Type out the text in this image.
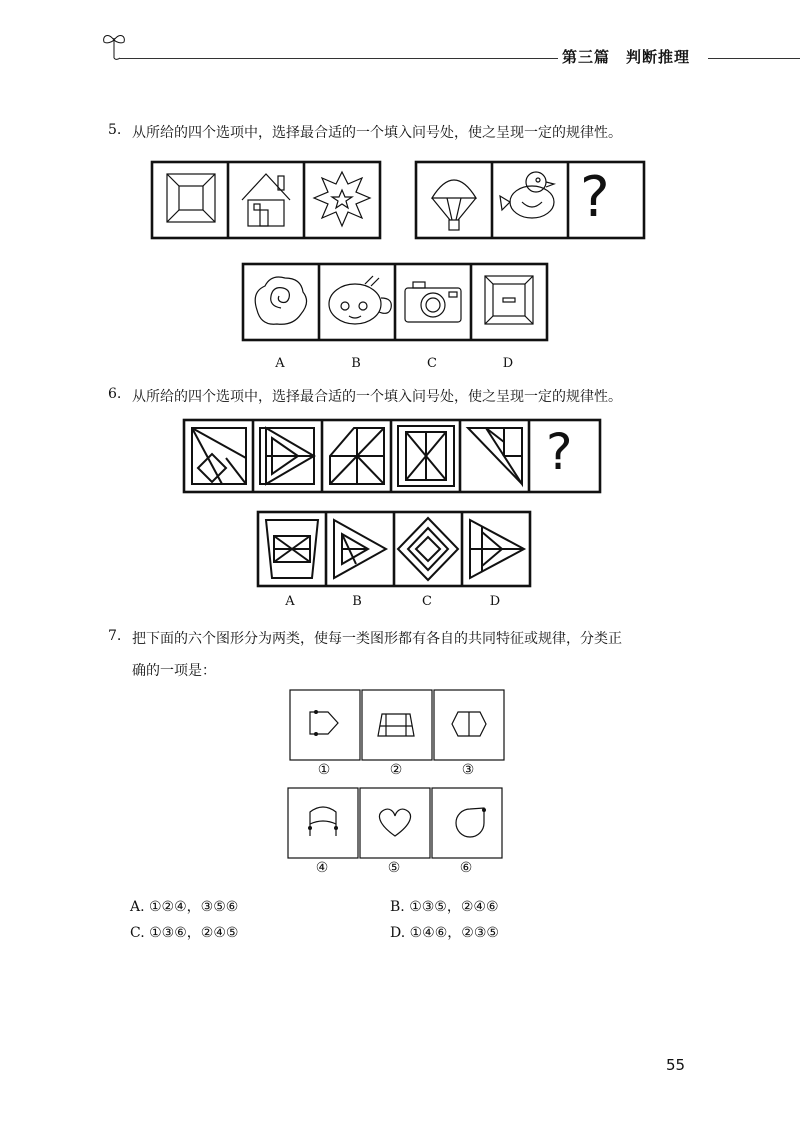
第三篇　判断推理
5. 从所给的四个选项中，选择最合适的一个填入问号处，使之呈现一定的规律性。
?
A	B	C	D
6. 从所给的四个选项中，选择最合适的一个填入问号处，使之呈现一定的规律性。
?
A	B	C	D
7. 把下面的六个图形分为两类，使每一类图形都有各自的共同特征或规律，分类正
确的一项是：
①	②	③
④	⑤	⑥
A. ①②④，③⑤⑥	B. ①③⑤，②④⑥
C. ①③⑥，②④⑤	D. ①④⑥，②③⑤
55
